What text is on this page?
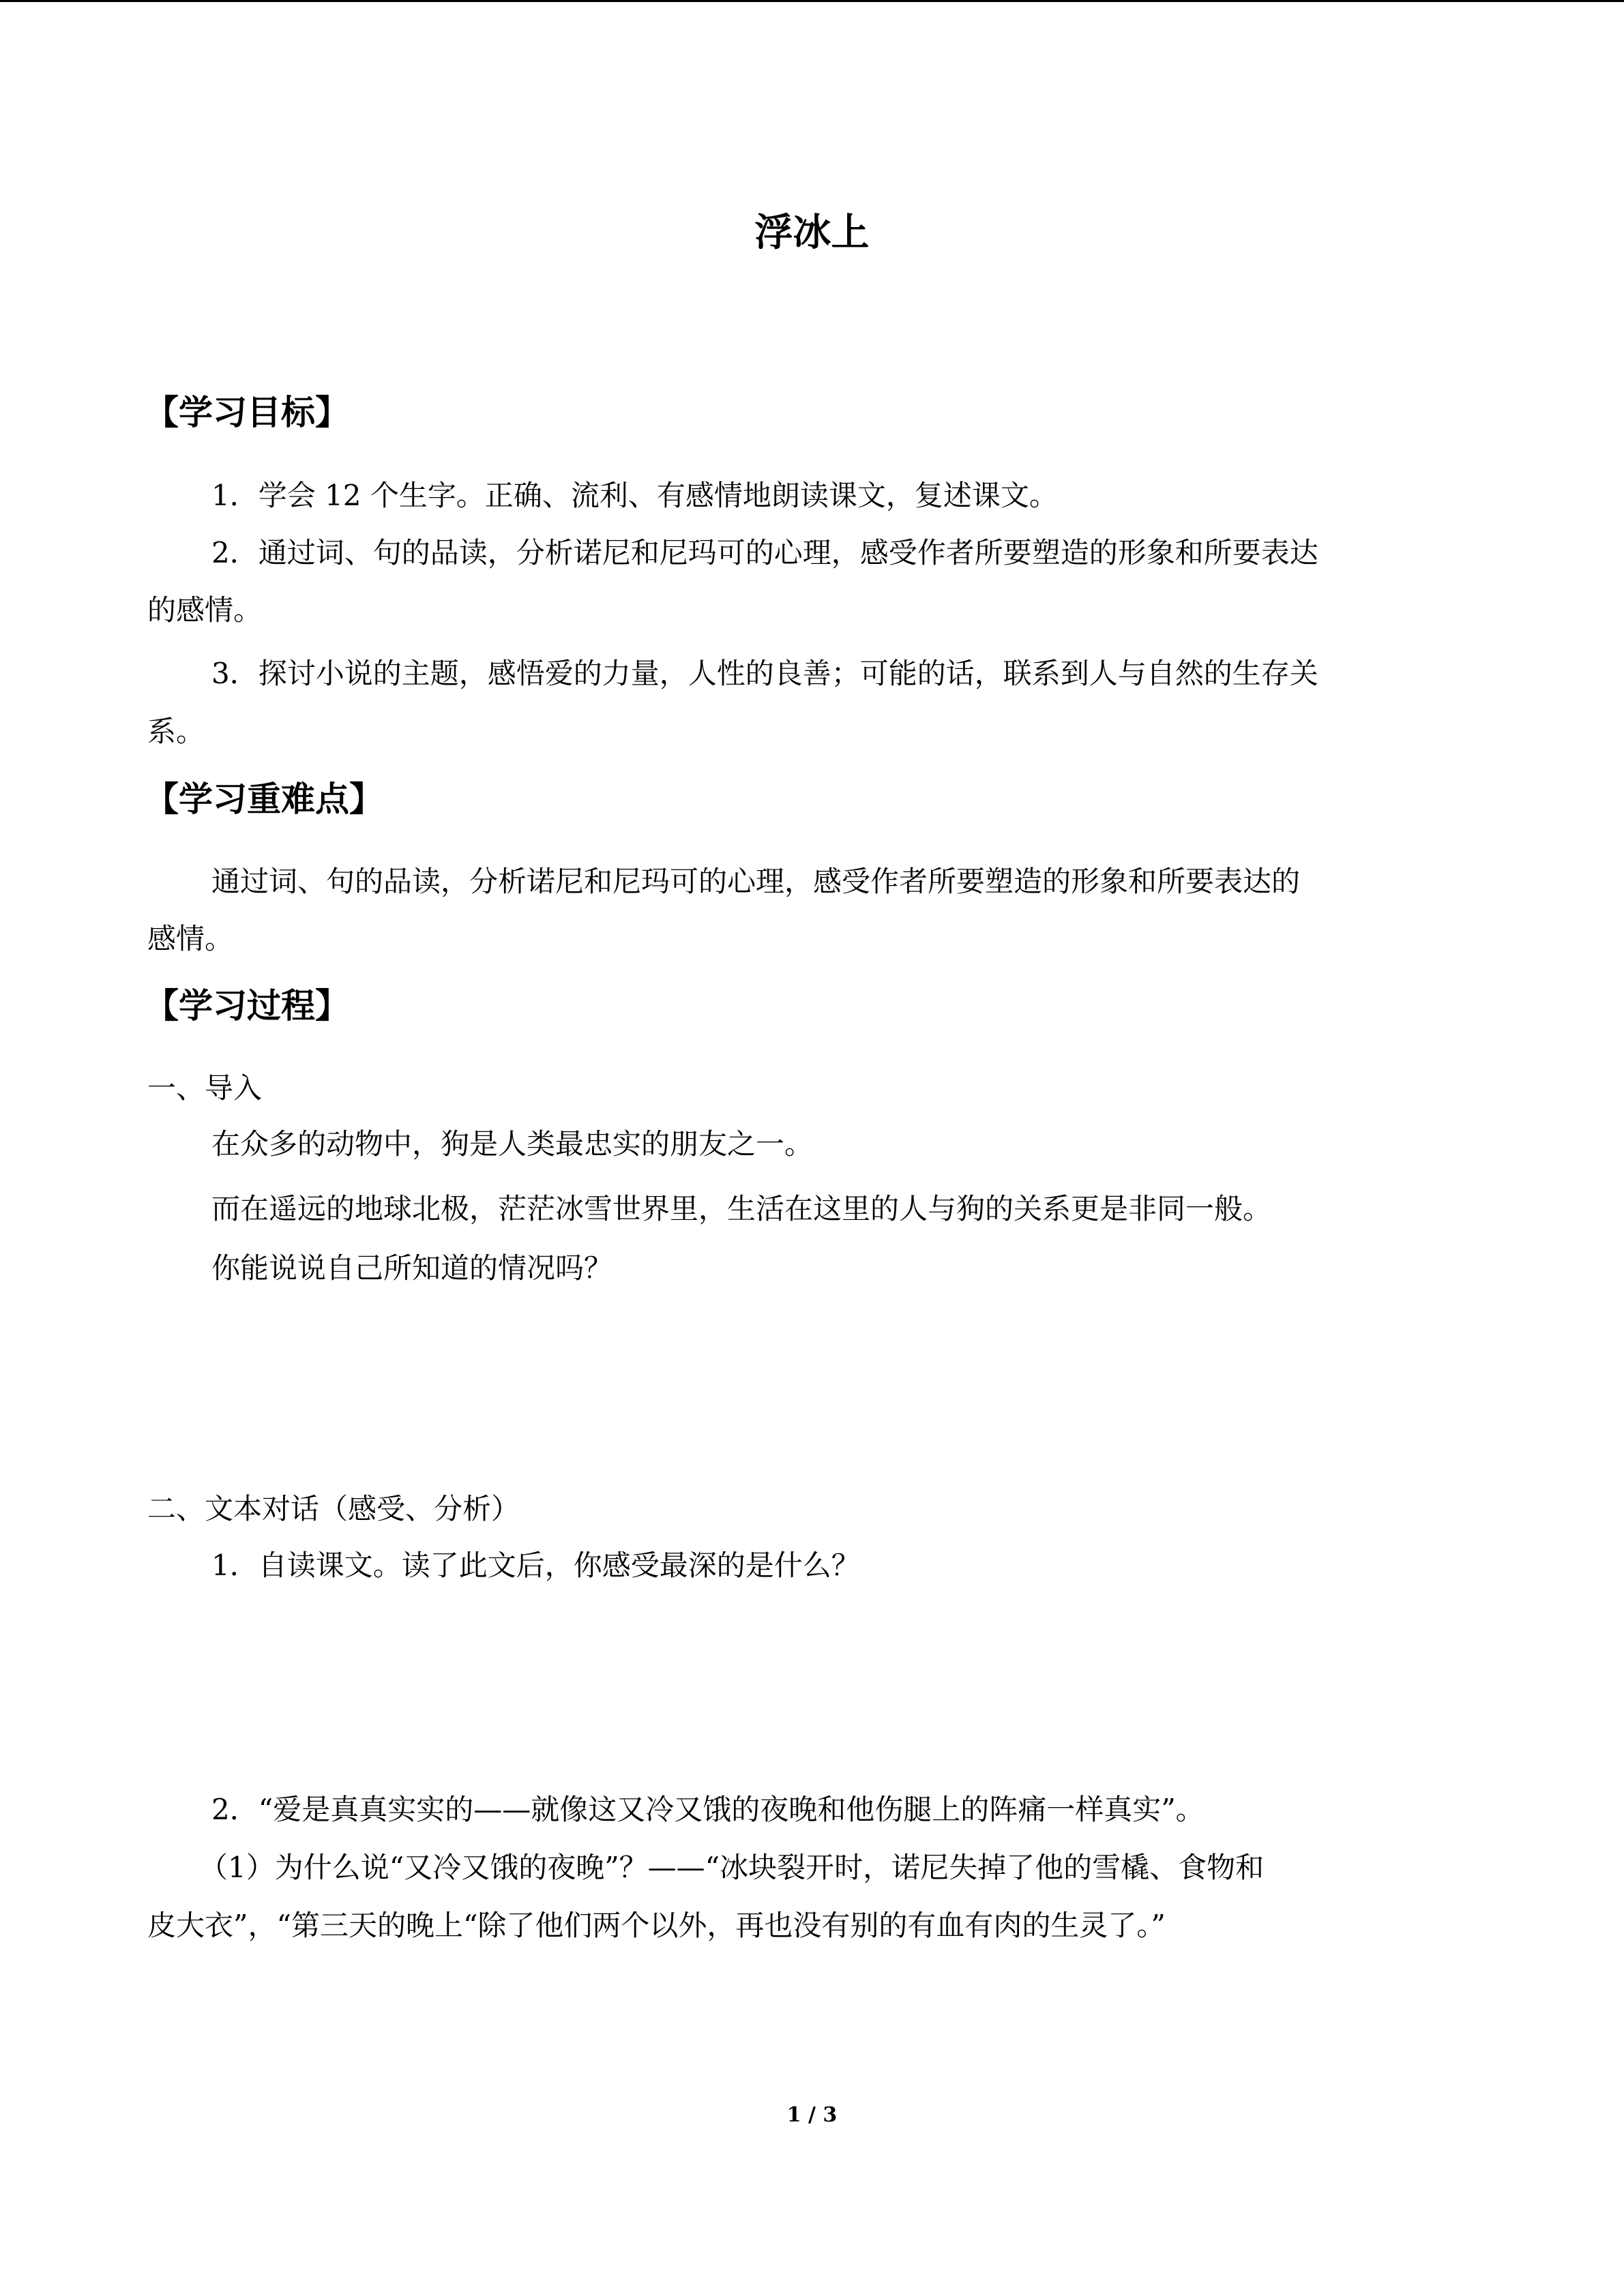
浮冰上
【学习目标】
1．学会 12 个生字。正确、流利、有感情地朗读课文，复述课文。
2．通过词、句的品读，分析诺尼和尼玛可的心理，感受作者所要塑造的形象和所要表达
的感情。
3．探讨小说的主题，感悟爱的力量，人性的良善；可能的话，联系到人与自然的生存关
系。
【学习重难点】
通过词、句的品读，分析诺尼和尼玛可的心理，感受作者所要塑造的形象和所要表达的
感情。
【学习过程】
一、导入
在众多的动物中，狗是人类最忠实的朋友之一。
而在遥远的地球北极，茫茫冰雪世界里，生活在这里的人与狗的关系更是非同一般。
你能说说自己所知道的情况吗？
二、文本对话（感受、分析）
1．自读课文。读了此文后，你感受最深的是什么？
2．“爱是真真实实的——就像这又冷又饿的夜晚和他伤腿上的阵痛一样真实”。
（1）为什么说“又冷又饿的夜晚”？——“冰块裂开时，诺尼失掉了他的雪橇、食物和
皮大衣”，“第三天的晚上“除了他们两个以外，再也没有别的有血有肉的生灵了。”
1 / 3
